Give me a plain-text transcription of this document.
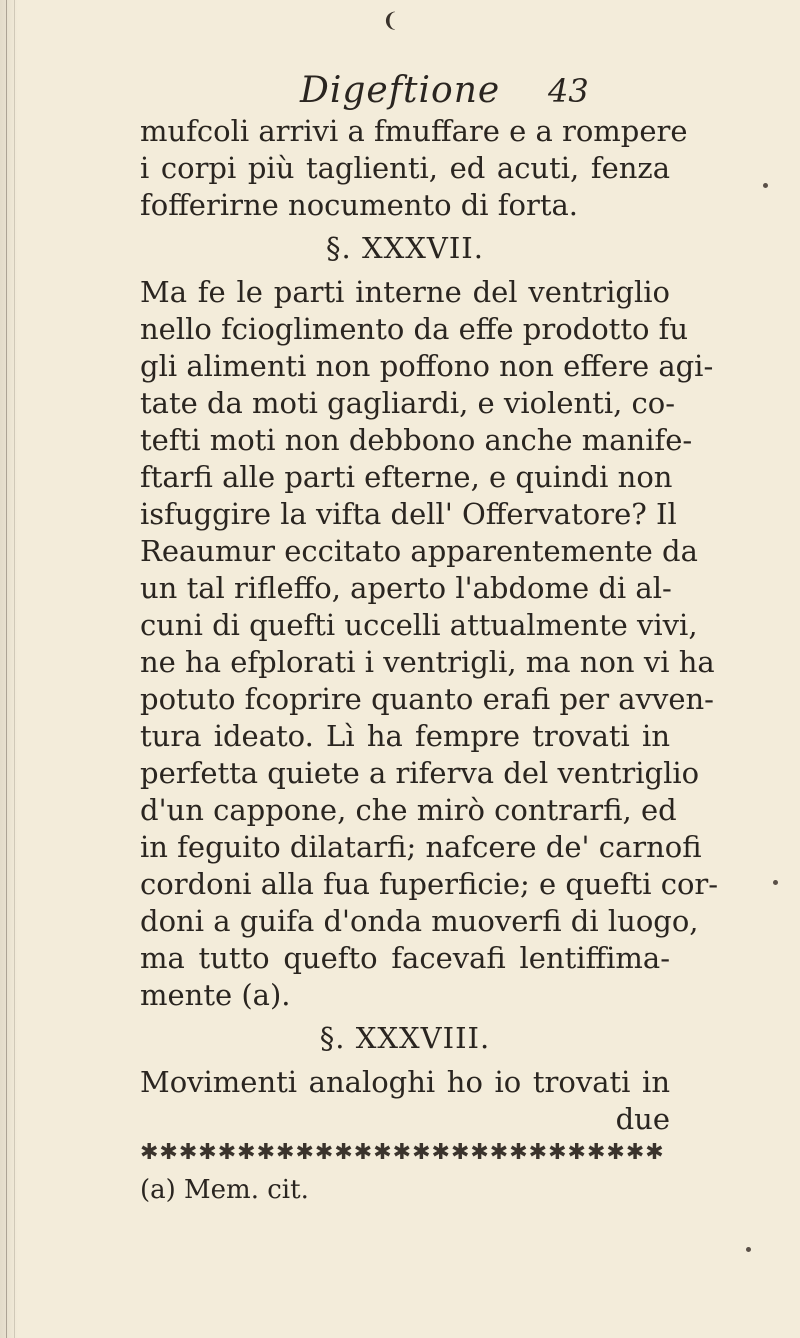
❨
Digeftione 43
mufcoli arrivi a fmuffare e a rompere
i corpi più taglienti, ed acuti, fenza
fofferirne nocumento di forta.
§. XXXVII.
Ma fe le parti interne del ventriglio
nello fcioglimento da effe prodotto fu
gli alimenti non poffono non effere agi-
tate da moti gagliardi, e violenti, co-
tefti moti non debbono anche manife-
ftarfi alle parti efterne, e quindi non
isfuggire la vifta dell' Offervatore? Il
Reaumur eccitato apparentemente da
un tal rifleffo, aperto l'abdome di al-
cuni di quefti uccelli attualmente vivi,
ne ha efplorati i ventrigli, ma non vi ha
potuto fcoprire quanto erafi per avven-
tura ideato. Lì ha fempre trovati in
perfetta quiete a riferva del ventriglio
d'un cappone, che mirò contrarfi, ed
in feguito dilatarfi; nafcere de' carnofi
cordoni alla fua fuperficie; e quefti cor-
doni a guifa d'onda muoverfi di luogo,
ma tutto quefto facevafi lentiffima-
mente (a).
§. XXXVIII.
Movimenti analoghi ho io trovati in
due
✱✱✱✱✱✱✱✱✱✱✱✱✱✱✱✱✱✱✱✱✱✱✱✱✱✱✱
(a) Mem. cit.
